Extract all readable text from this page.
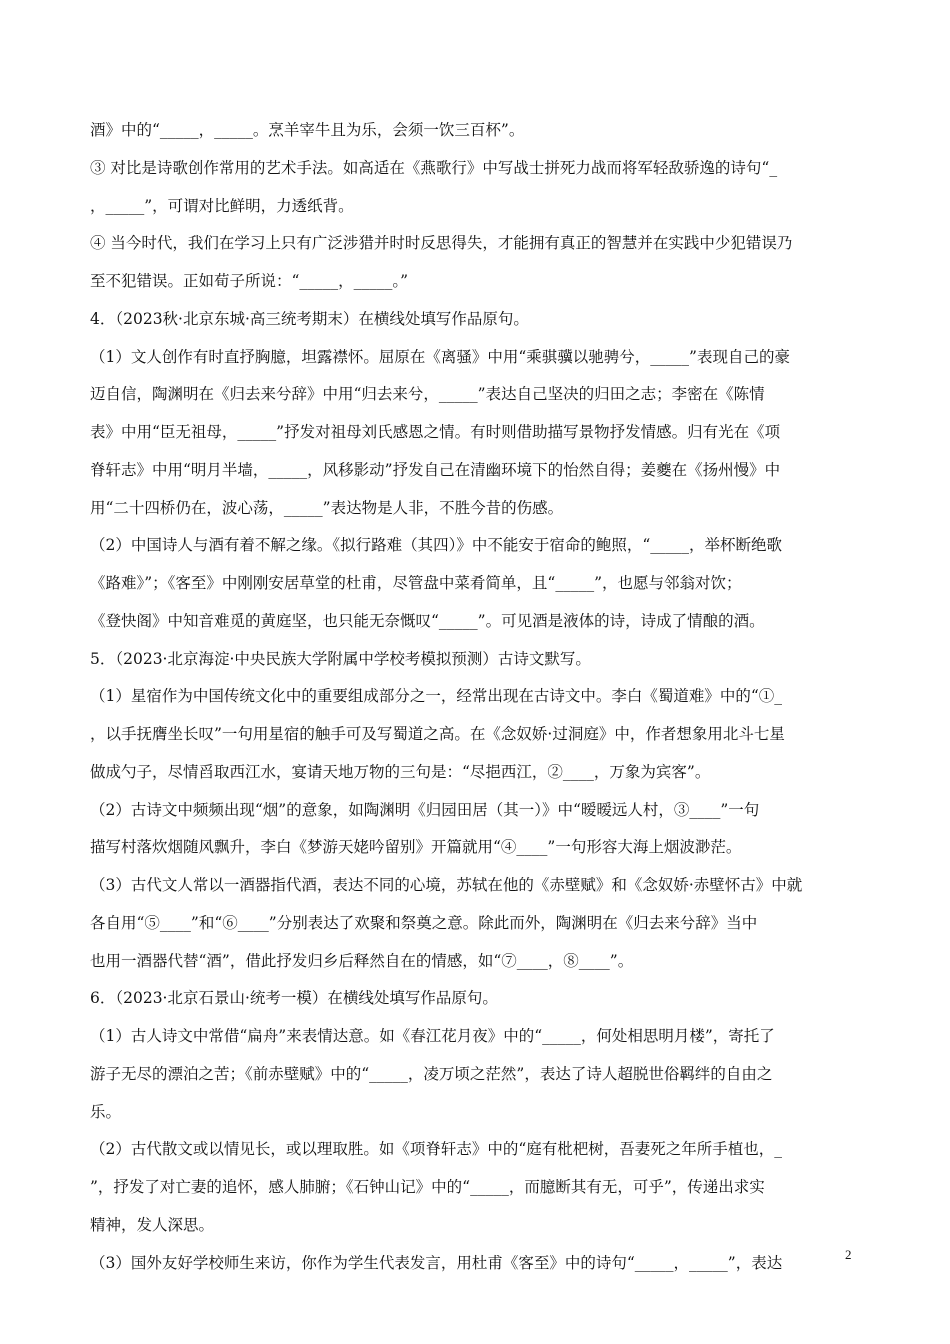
酒》中的“_____，_____。烹羊宰牛且为乐，会须一饮三百杯”。
③ 对比是诗歌创作常用的艺术手法。如高适在《燕歌行》中写战士拼死力战而将军轻敌骄逸的诗句“_
，_____”，可谓对比鲜明，力透纸背。
④ 当今时代，我们在学习上只有广泛涉猎并时时反思得失，才能拥有真正的智慧并在实践中少犯错误乃
至不犯错误。正如荀子所说：“_____，_____。”
4．（2023秋·北京东城·高三统考期末）在横线处填写作品原句。
（1）文人创作有时直抒胸臆，坦露襟怀。屈原在《离骚》中用“乘骐骥以驰骋兮，_____”表现自己的豪
迈自信，陶渊明在《归去来兮辞》中用“归去来兮，_____”表达自己坚决的归田之志；李密在《陈情
表》中用“臣无祖母，_____”抒发对祖母刘氏感恩之情。有时则借助描写景物抒发情感。归有光在《项
脊轩志》中用“明月半墙，_____，风移影动”抒发自己在清幽环境下的怡然自得；姜夔在《扬州慢》中
用“二十四桥仍在，波心荡，_____”表达物是人非，不胜今昔的伤感。
（2）中国诗人与酒有着不解之缘。《拟行路难（其四）》中不能安于宿命的鲍照，“_____，举杯断绝歌
《路难》”；《客至》中刚刚安居草堂的杜甫，尽管盘中菜肴简单，且“_____”，也愿与邻翁对饮；
《登快阁》中知音难觅的黄庭坚，也只能无奈慨叹“_____”。可见酒是液体的诗，诗成了情酿的酒。
5．（2023·北京海淀·中央民族大学附属中学校考模拟预测）古诗文默写。
（1）星宿作为中国传统文化中的重要组成部分之一，经常出现在古诗文中。李白《蜀道难》中的“①_
，以手抚膺坐长叹”一句用星宿的触手可及写蜀道之高。在《念奴娇·过洞庭》中，作者想象用北斗七星
做成勺子，尽情舀取西江水，宴请天地万物的三句是：“尽挹西江，②____，万象为宾客”。
（2）古诗文中频频出现“烟”的意象，如陶渊明《归园田居（其一）》中“暧暧远人村，③____”一句
描写村落炊烟随风飘升，李白《梦游天姥吟留别》开篇就用“④____”一句形容大海上烟波渺茫。
（3）古代文人常以一酒器指代酒，表达不同的心境，苏轼在他的《赤壁赋》和《念奴娇·赤壁怀古》中就
各自用“⑤____”和“⑥____”分别表达了欢聚和祭奠之意。除此而外，陶渊明在《归去来兮辞》当中
也用一酒器代替“酒”，借此抒发归乡后释然自在的情感，如“⑦____，⑧____”。
6．（2023·北京石景山·统考一模）在横线处填写作品原句。
（1）古人诗文中常借“扁舟”来表情达意。如《春江花月夜》中的“_____，何处相思明月楼”，寄托了
游子无尽的漂泊之苦；《前赤壁赋》中的“_____，凌万顷之茫然”，表达了诗人超脱世俗羁绊的自由之
乐。
（2）古代散文或以情见长，或以理取胜。如《项脊轩志》中的“庭有枇杷树，吾妻死之年所手植也，_
”，抒发了对亡妻的追怀，感人肺腑；《石钟山记》中的“_____，而臆断其有无，可乎”，传递出求实
精神，发人深思。
（3）国外友好学校师生来访，你作为学生代表发言，用杜甫《客至》中的诗句“_____，_____”，表达	2
